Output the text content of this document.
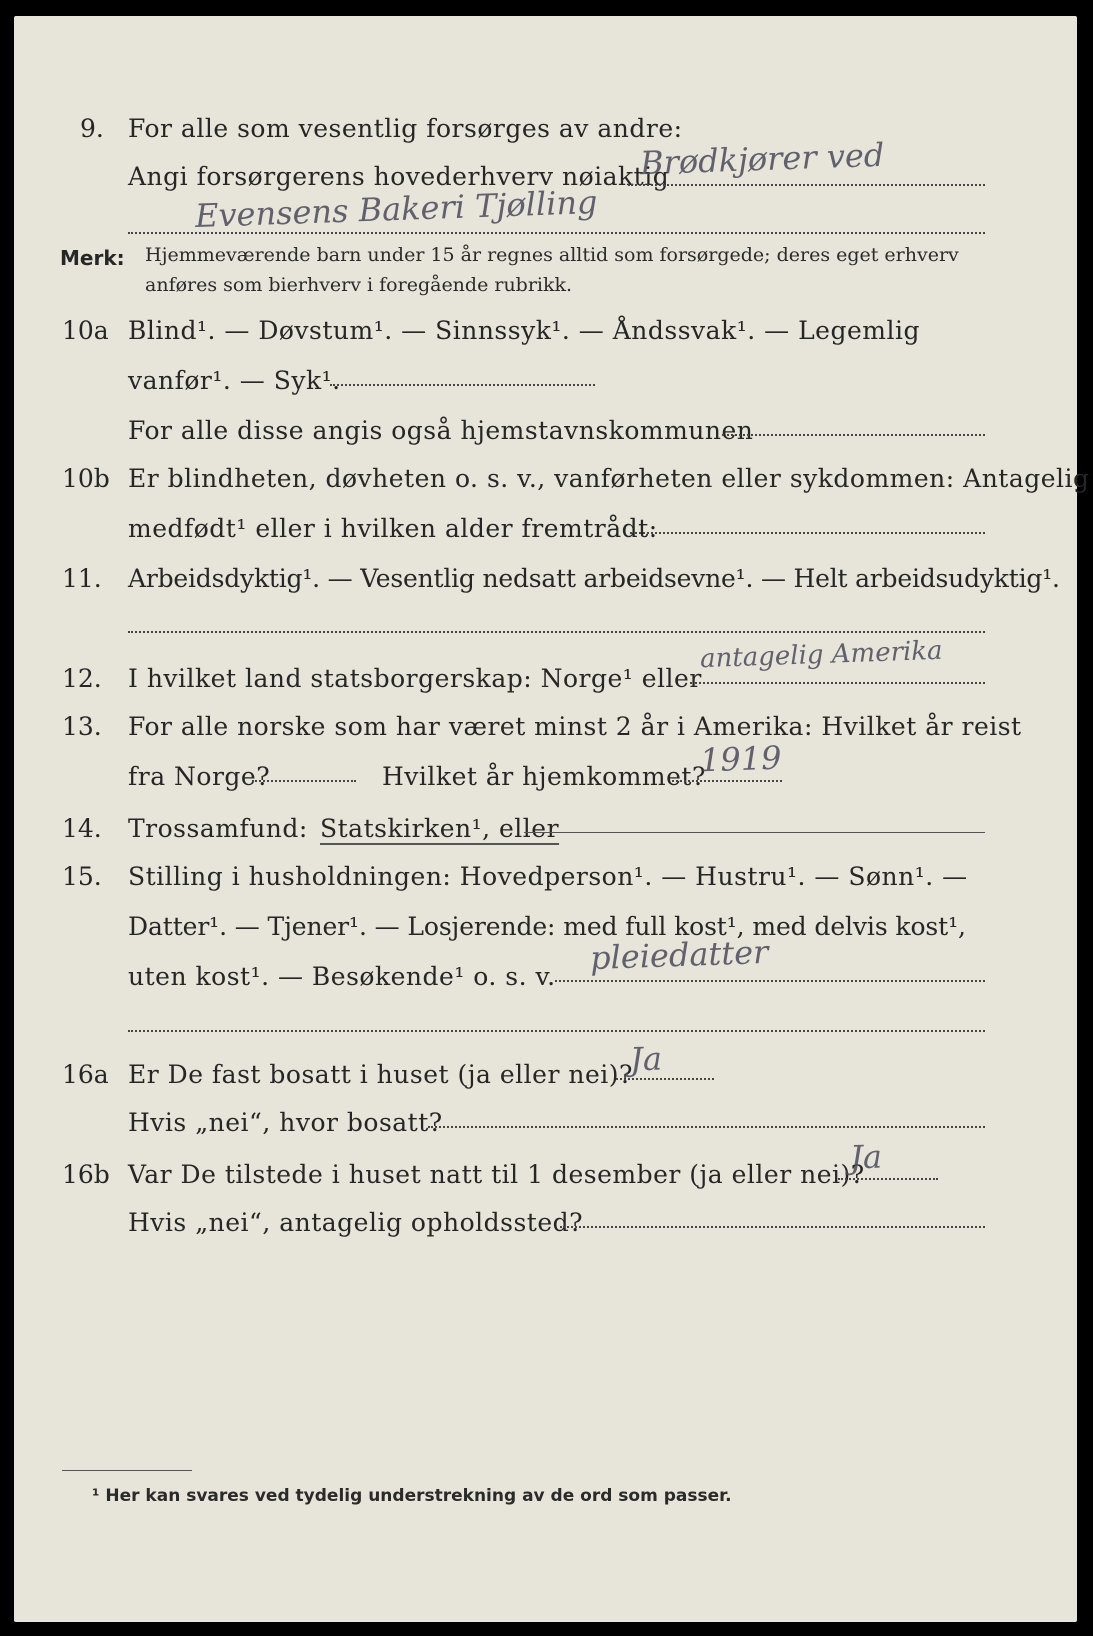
9. For alle som vesentlig forsørges av andre:
Angi forsørgerens hovederhverv nøiaktig
Brødkjører ved
Evensens Bakeri Tjølling
Merk: Hjemmeværende barn under 15 år regnes alltid som forsørgede; deres eget erhverv
anføres som bierhverv i foregående rubrikk.
10a Blind¹. — Døvstum¹. — Sinnssyk¹. — Åndssvak¹. — Legemlig
vanfør¹. — Syk¹.
For alle disse angis også hjemstavnskommunen
10b Er blindheten, døvheten o. s. v., vanførheten eller sykdommen: Antagelig
medfødt¹ eller i hvilken alder fremtrådt:
11. Arbeidsdyktig¹. — Vesentlig nedsatt arbeidsevne¹. — Helt arbeidsudyktig¹.
12. I hvilket land statsborgerskap: Norge¹ eller
antagelig Amerika
13. For alle norske som har været minst 2 år i Amerika: Hvilket år reist
fra Norge?	Hvilket år hjemkommet?
1919
14. Trossamfund: Statskirken¹, eller
15. Stilling i husholdningen: Hovedperson¹. — Hustru¹. — Sønn¹. —
Datter¹. — Tjener¹. — Losjerende: med full kost¹, med delvis kost¹,
uten kost¹. — Besøkende¹ o. s. v. pleiedatter
16a Er De fast bosatt i huset (ja eller nei)?
Ja
Hvis „nei“, hvor bosatt?
16b Var De tilstede i huset natt til 1 desember (ja eller nei)?
Ja
Hvis „nei“, antagelig opholdssted?
¹ Her kan svares ved tydelig understrekning av de ord som passer.
